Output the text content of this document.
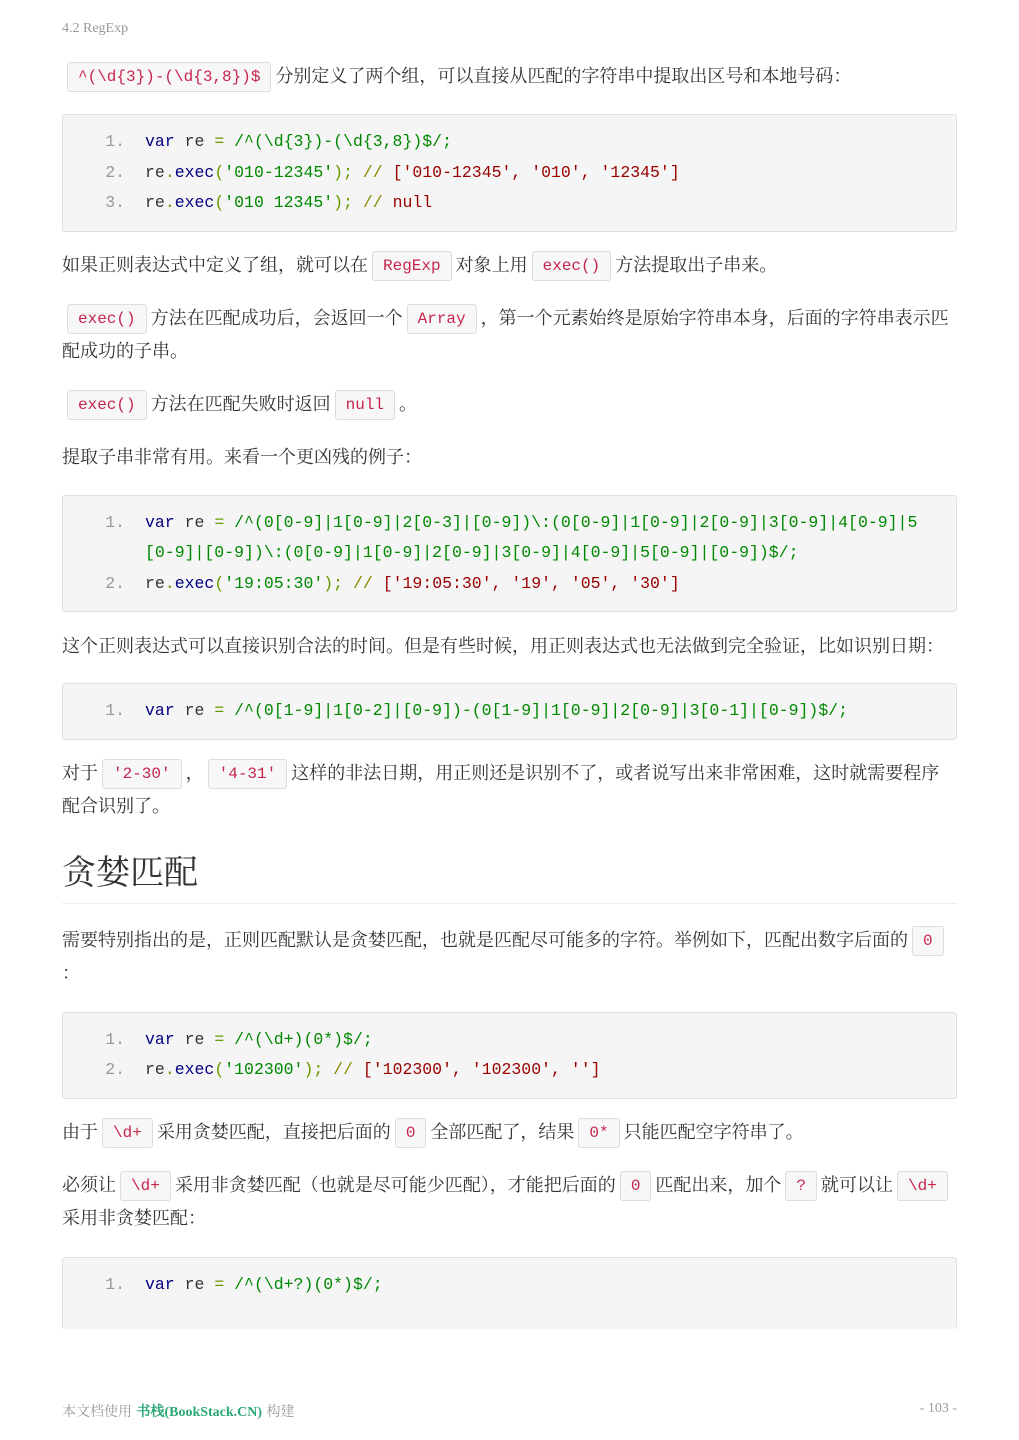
4.2 RegExp

^(\d{3})-(\d{3,8})$ 分别定义了两个组，可以直接从匹配的字符串中提取出区号和本地号码：

1.	var re = /^(\d{3})-(\d{3,8})$/;
2.	re.exec('010-12345'); // ['010-12345', '010', '12345']
3.	re.exec('010 12345'); // null

如果正则表达式中定义了组，就可以在 RegExp 对象上用 exec() 方法提取出子串来。

exec() 方法在匹配成功后，会返回一个 Array ，第一个元素始终是原始字符串本身，后面的字符串表示匹配成功的子串。

exec() 方法在匹配失败时返回 null 。

提取子串非常有用。来看一个更凶残的例子：

1.	var re = /^(0[0-9]|1[0-9]|2[0-3]|[0-9])\:(0[0-9]|1[0-9]|2[0-9]|3[0-9]|4[0-9]|5[0-9]|[0-9])\:(0[0-9]|1[0-9]|2[0-9]|3[0-9]|4[0-9]|5[0-9]|[0-9])$/;
2.	re.exec('19:05:30'); // ['19:05:30', '19', '05', '30']

这个正则表达式可以直接识别合法的时间。但是有些时候，用正则表达式也无法做到完全验证，比如识别日期：

1.	var re = /^(0[1-9]|1[0-2]|[0-9])-(0[1-9]|1[0-9]|2[0-9]|3[0-1]|[0-9])$/;

对于 '2-30' ， '4-31' 这样的非法日期，用正则还是识别不了，或者说写出来非常困难，这时就需要程序配合识别了。

贪婪匹配

需要特别指出的是，正则匹配默认是贪婪匹配，也就是匹配尽可能多的字符。举例如下，匹配出数字后面的 0：

1.	var re = /^(\d+)(0*)$/;
2.	re.exec('102300'); // ['102300', '102300', '']

由于 \d+ 采用贪婪匹配，直接把后面的 0 全部匹配了，结果 0* 只能匹配空字符串了。

必须让 \d+ 采用非贪婪匹配（也就是尽可能少匹配），才能把后面的 0 匹配出来，加个 ? 就可以让 \d+采用非贪婪匹配：

1.	var re = /^(\d+?)(0*)$/;
本文档使用 书栈(BookStack.CN) 构建	- 103 -
